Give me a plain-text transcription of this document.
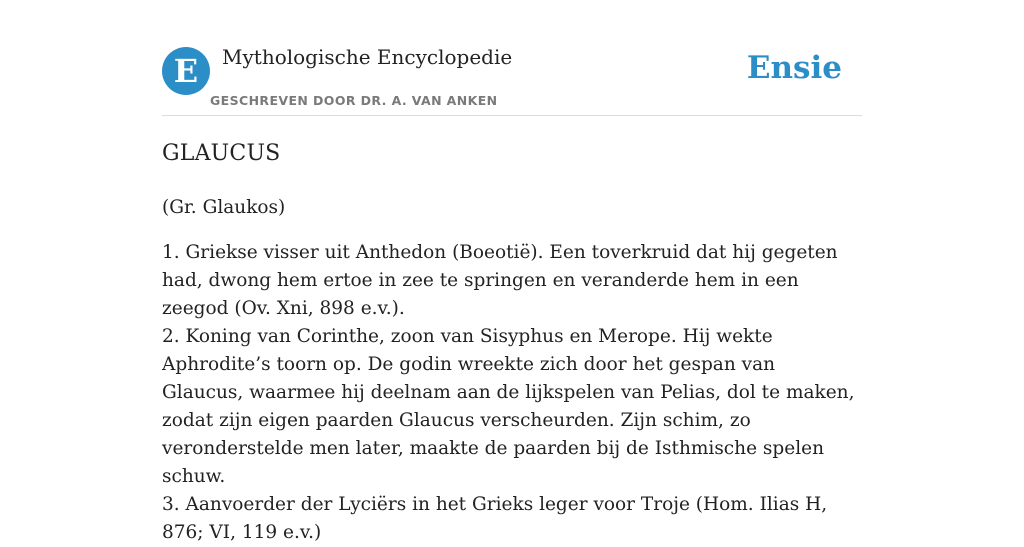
E	Mythologische Encyclopedie
GESCHREVEN DOOR DR. A. VAN ANKEN
Ensie
GLAUCUS
(Gr. Glaukos)

1. Griekse visser uit Anthedon (Boeotië). Een toverkruid dat hij gegeten had, dwong hem ertoe in zee te springen en veranderde hem in een zeegod (Ov. Xni, 898 e.v.).

2. Koning van Corinthe, zoon van Sisyphus en Merope. Hij wekte Aphrodite’s toorn op. De godin wreekte zich door het gespan van Glaucus, waarmee hij deelnam aan de lijkspelen van Pelias, dol te maken, zodat zijn eigen paarden Glaucus verscheurden. Zijn schim, zo veronderstelde men later, maakte de paarden bij de Isthmische spelen schuw.

3. Aanvoerder der Lyciërs in het Grieks leger voor Troje (Hom. Ilias H, 876; VI, 119 e.v.)
